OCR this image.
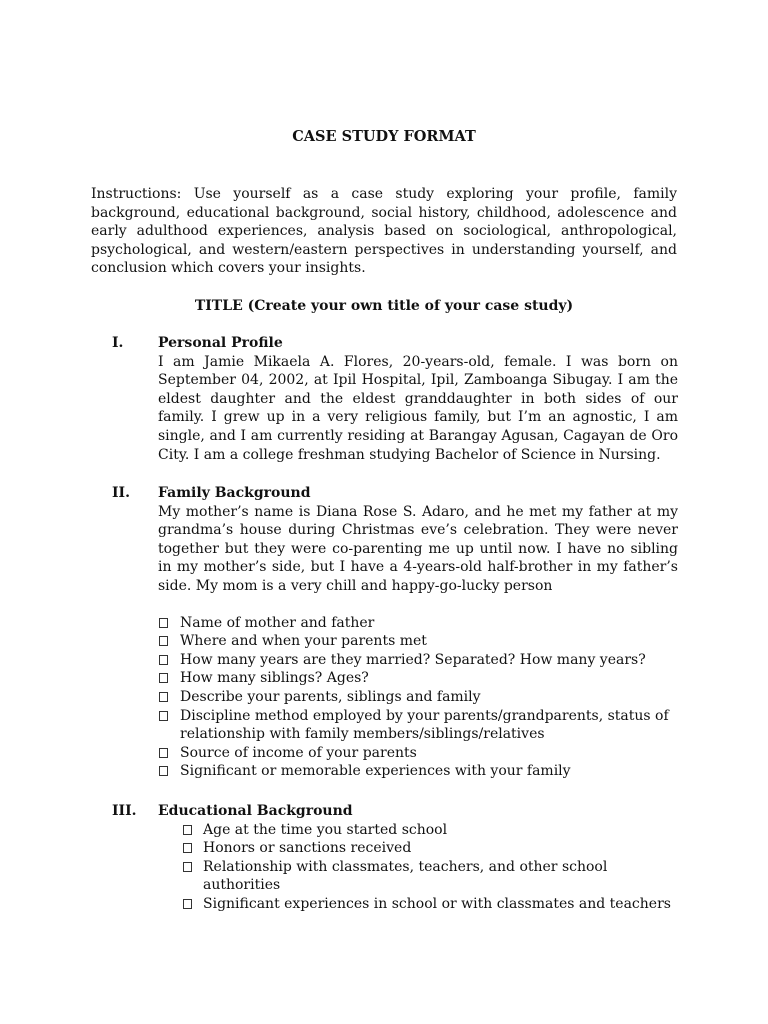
CASE STUDY FORMAT
Instructions: Use yourself as a case study exploring your profile, family background, educational background, social history, childhood, adolescence and early adulthood experiences, analysis based on sociological, anthropological, psychological, and western/eastern perspectives in understanding yourself, and conclusion which covers your insights.
TITLE (Create your own title of your case study)
I. Personal Profile
I am Jamie Mikaela A. Flores, 20-years-old, female. I was born on September 04, 2002, at Ipil Hospital, Ipil, Zamboanga Sibugay. I am the eldest daughter and the eldest granddaughter in both sides of our family. I grew up in a very religious family, but I’m an agnostic, I am single, and I am currently residing at Barangay Agusan, Cagayan de Oro City. I am a college freshman studying Bachelor of Science in Nursing.
II. Family Background
My mother’s name is Diana Rose S. Adaro, and he met my father at my grandma’s house during Christmas eve’s celebration. They were never together but they were co-parenting me up until now. I have no sibling in my mother’s side, but I have a 4-years-old half-brother in my father’s side. My mom is a very chill and happy-go-lucky person
Name of mother and father
Where and when your parents met
How many years are they married? Separated? How many years?
How many siblings? Ages?
Describe your parents, siblings and family
Discipline method employed by your parents/grandparents, status of relationship with family members/siblings/relatives
Source of income of your parents
Significant or memorable experiences with your family
III. Educational Background
Age at the time you started school
Honors or sanctions received
Relationship with classmates, teachers, and other school authorities
Significant experiences in school or with classmates and teachers
